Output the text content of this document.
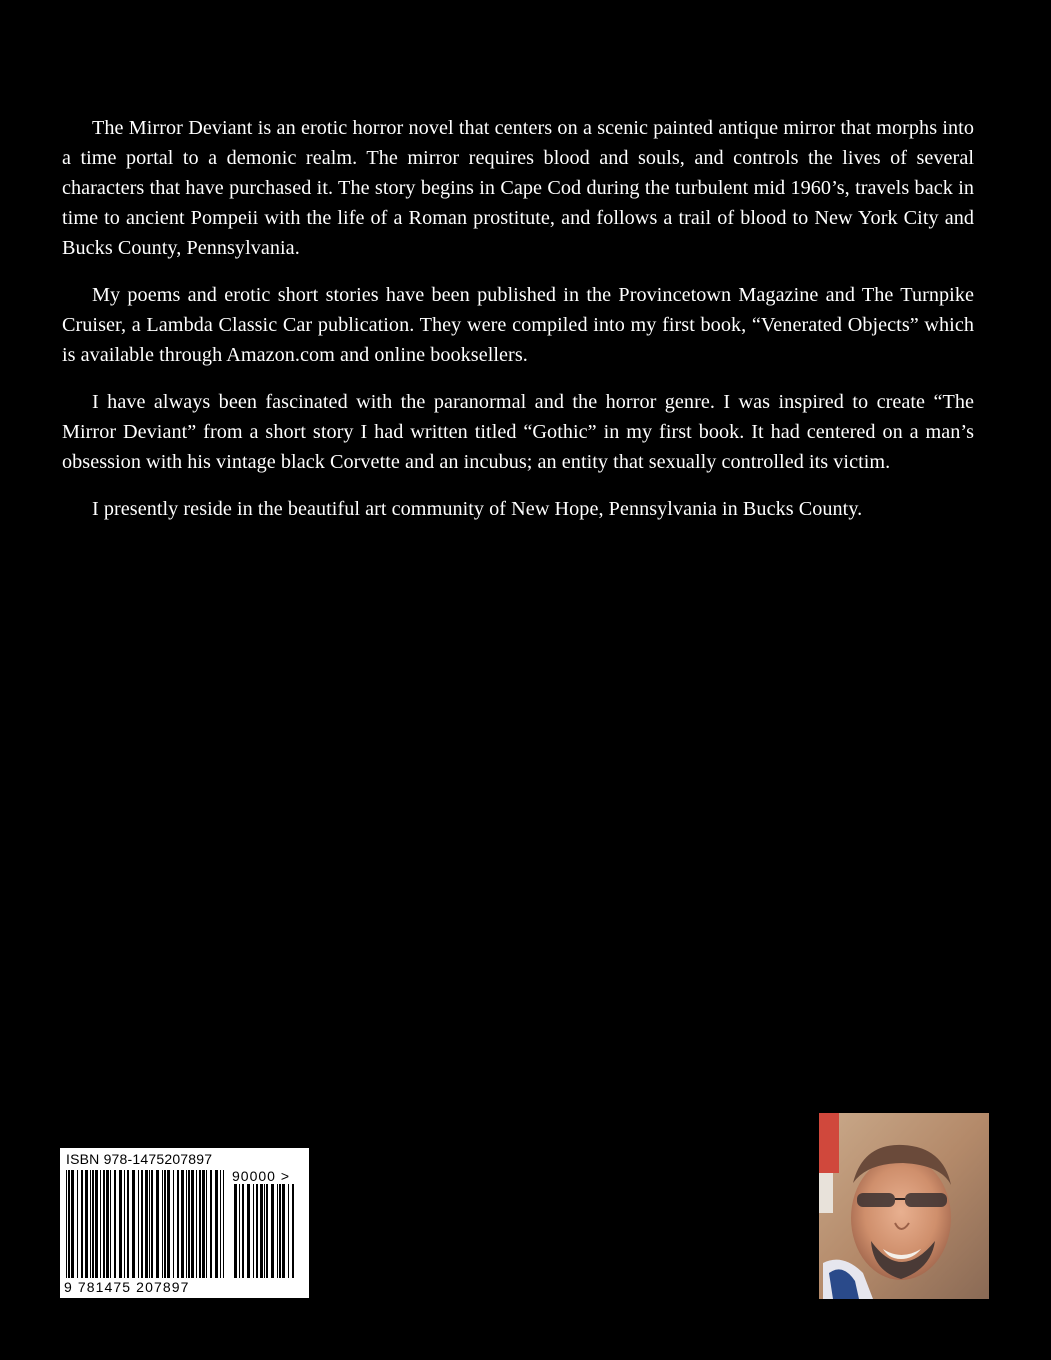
The Mirror Deviant is an erotic horror novel that centers on a scenic painted antique mirror that morphs into a time portal to a demonic realm. The mirror requires blood and souls, and controls the lives of several characters that have purchased it. The story begins in Cape Cod during the turbulent mid 1960’s, travels back in time to ancient Pompeii with the life of a Roman prostitute, and follows a trail of blood to New York City and Bucks County, Pennsylvania.

My poems and erotic short stories have been published in the Provincetown Magazine and The Turnpike Cruiser, a Lambda Classic Car publication. They were compiled into my first book, “Venerated Objects” which is available through Amazon.com and online booksellers.

I have always been fascinated with the paranormal and the horror genre. I was inspired to create “The Mirror Deviant” from a short story I had written titled “Gothic” in my first book. It had centered on a man’s obsession with his vintage black Corvette and an incubus; an entity that sexually controlled its victim.

I presently reside in the beautiful art community of New Hope, Pennsylvania in Bucks County.

ISBN 978-1475207897
90000 >
9 781475 207897
